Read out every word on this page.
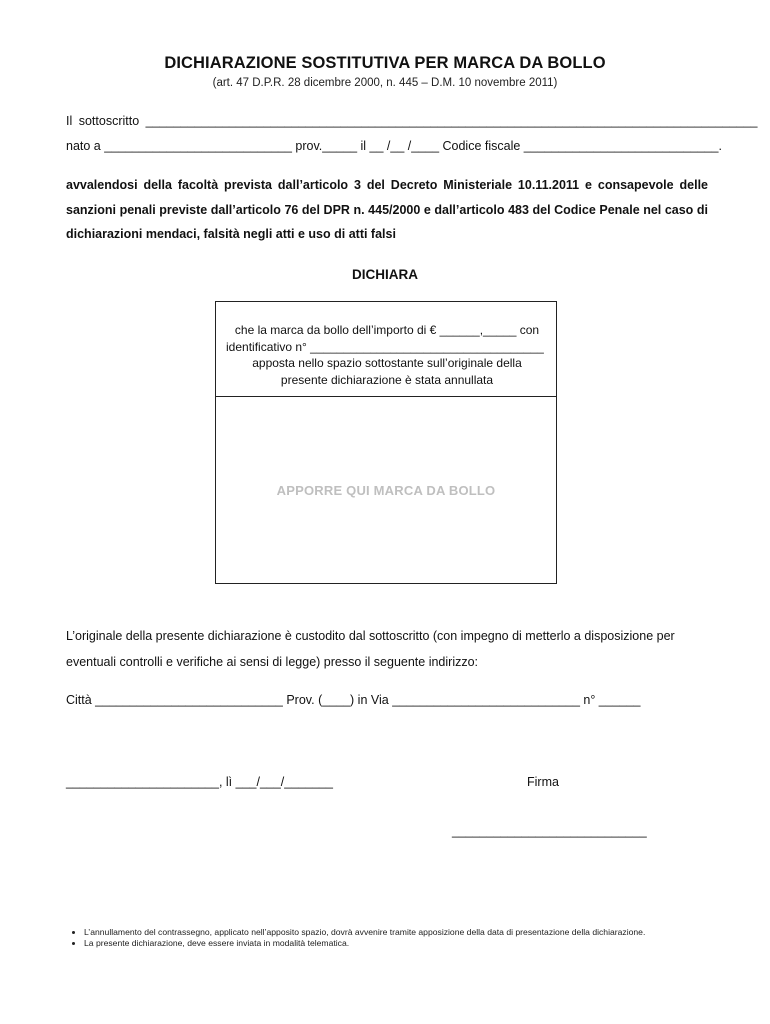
DICHIARAZIONE SOSTITUTIVA PER MARCA DA BOLLO
(art. 47 D.P.R. 28 dicembre 2000, n. 445 – D.M. 10 novembre 2011)
Il sottoscritto ________________________________________________________________________________________
nato a ___________________________ prov._____ il __ /__ /____ Codice fiscale ____________________________.
avvalendosi della facoltà prevista dall’articolo 3 del Decreto Ministeriale 10.11.2011 e consapevole delle sanzioni penali previste dall’articolo 76 del DPR n. 445/2000 e dall’articolo 483 del Codice Penale nel caso di dichiarazioni mendaci, falsità negli atti e uso di atti falsi
DICHIARA
che la marca da bollo dell’importo di € ______,_____ con
identificativo n° ___________________________________
apposta nello spazio sottostante sull’originale della
presente dichiarazione è stata annullata
APPORRE QUI MARCA DA BOLLO
L’originale della presente dichiarazione è custodito dal sottoscritto (con impegno di metterlo a disposizione per eventuali controlli e verifiche ai sensi di legge) presso il seguente indirizzo:
Città ___________________________ Prov. (____) in Via ___________________________ n° ______
______________________, lì ___/___/_______	Firma
____________________________
• L’annullamento del contrassegno, applicato nell’apposito spazio, dovrà avvenire tramite apposizione della data di presentazione della dichiarazione.
• La presente dichiarazione, deve essere inviata in modalità telematica.
